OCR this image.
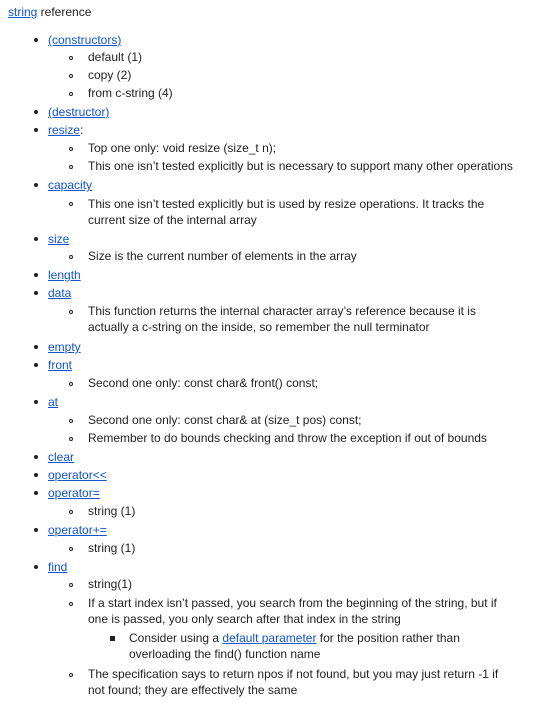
string reference
(constructors)
default (1)
copy (2)
from c-string (4)
(destructor)
resize:
Top one only: void resize (size_t n);
This one isn’t tested explicitly but is necessary to support many other operations
capacity
This one isn’t tested explicitly but is used by resize operations. It tracks the current size of the internal array
size
Size is the current number of elements in the array
length
data
This function returns the internal character array’s reference because it is actually a c-string on the inside, so remember the null terminator
empty
front
Second one only: const char& front() const;
at
Second one only: const char& at (size_t pos) const;
Remember to do bounds checking and throw the exception if out of bounds
clear
operator<<
operator=
string (1)
operator+=
string (1)
find
string(1)
If a start index isn’t passed, you search from the beginning of the string, but if one is passed, you only search after that index in the string
Consider using a default parameter for the position rather than overloading the find() function name
The specification says to return npos if not found, but you may just return -1 if not found; they are effectively the same
